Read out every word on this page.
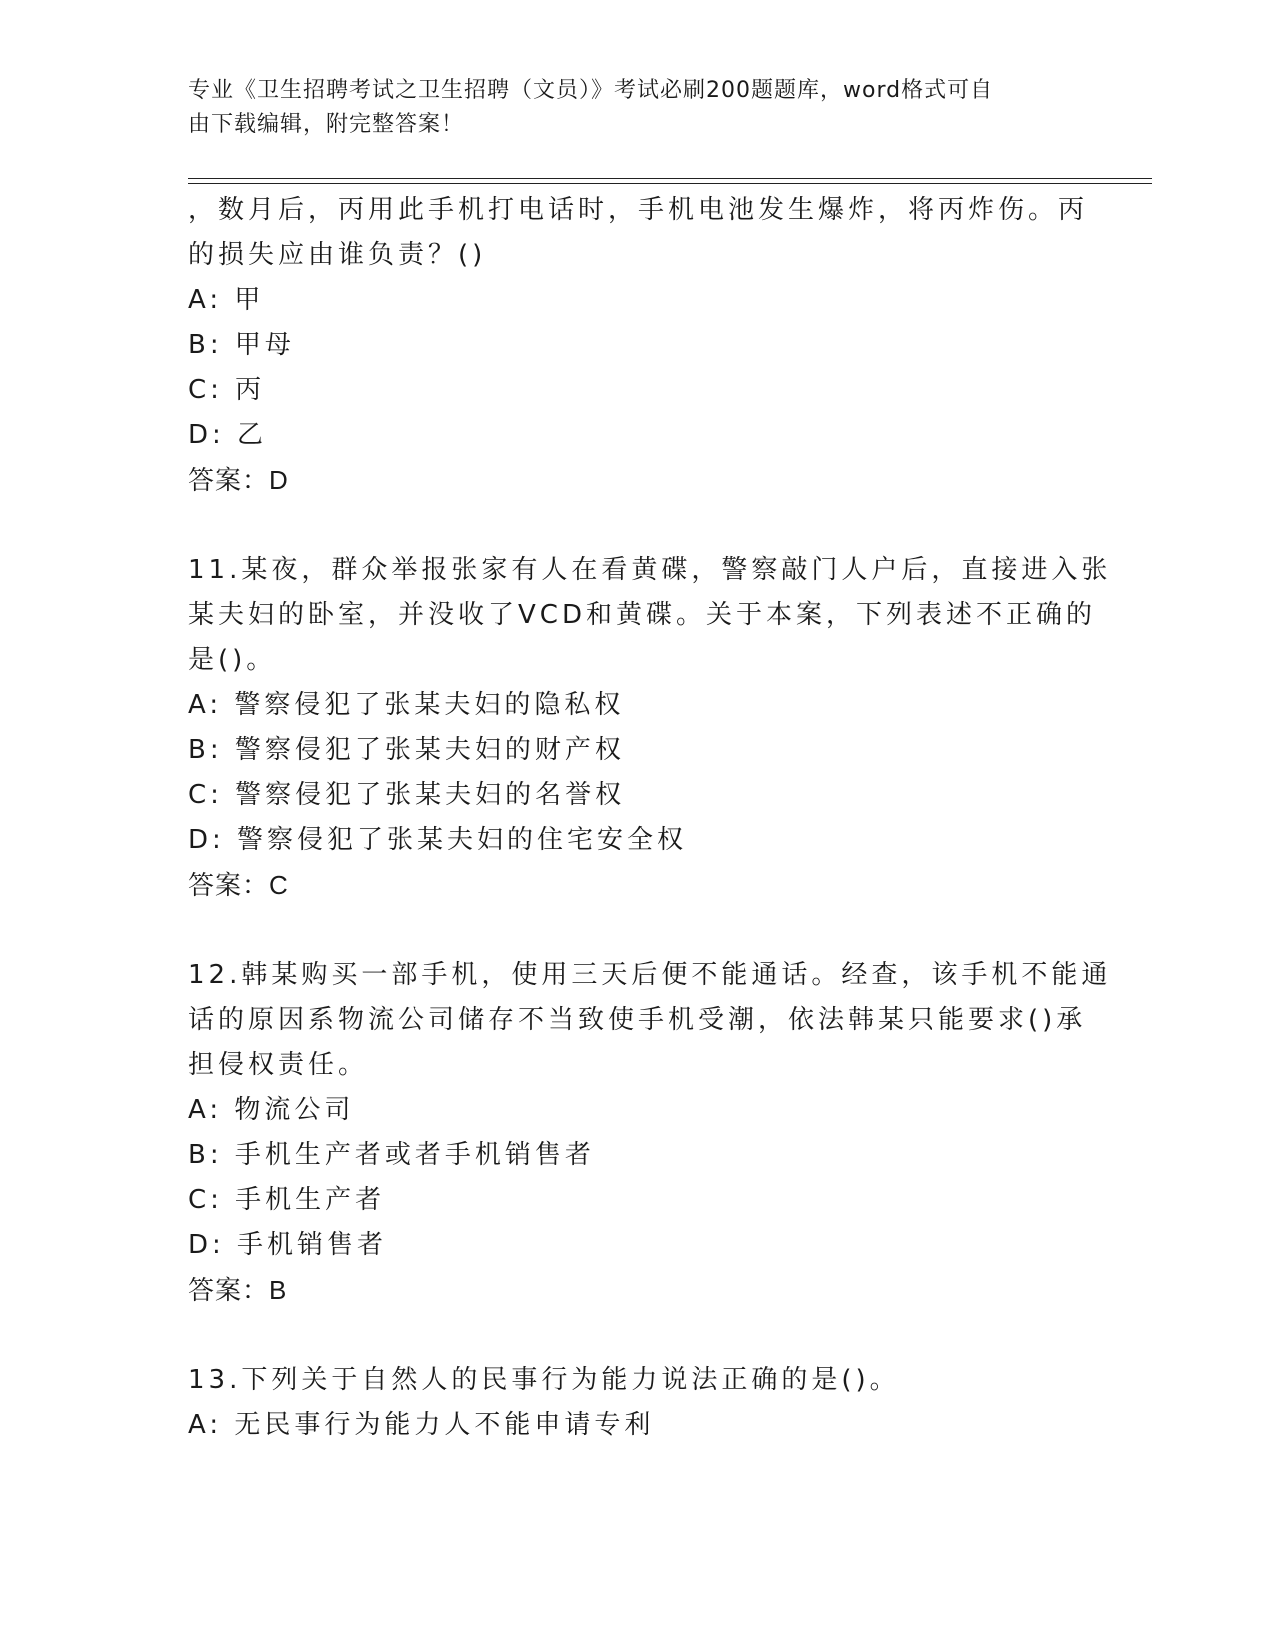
专业《卫生招聘考试之卫生招聘（文员）》考试必刷200题题库，word格式可自
由下载编辑，附完整答案！
，数月后，丙用此手机打电话时，手机电池发生爆炸，将丙炸伤。丙
的损失应由谁负责？()
A: 甲
B: 甲母
C: 丙
D: 乙
答案：D
11.某夜，群众举报张家有人在看黄碟，警察敲门人户后，直接进入张
某夫妇的卧室，并没收了VCD和黄碟。关于本案，下列表述不正确的
是()。
A: 警察侵犯了张某夫妇的隐私权
B: 警察侵犯了张某夫妇的财产权
C: 警察侵犯了张某夫妇的名誉权
D: 警察侵犯了张某夫妇的住宅安全权
答案：C
12.韩某购买一部手机，使用三天后便不能通话。经查，该手机不能通
话的原因系物流公司储存不当致使手机受潮，依法韩某只能要求()承
担侵权责任。
A: 物流公司
B: 手机生产者或者手机销售者
C: 手机生产者
D: 手机销售者
答案：B
13.下列关于自然人的民事行为能力说法正确的是()。
A: 无民事行为能力人不能申请专利
